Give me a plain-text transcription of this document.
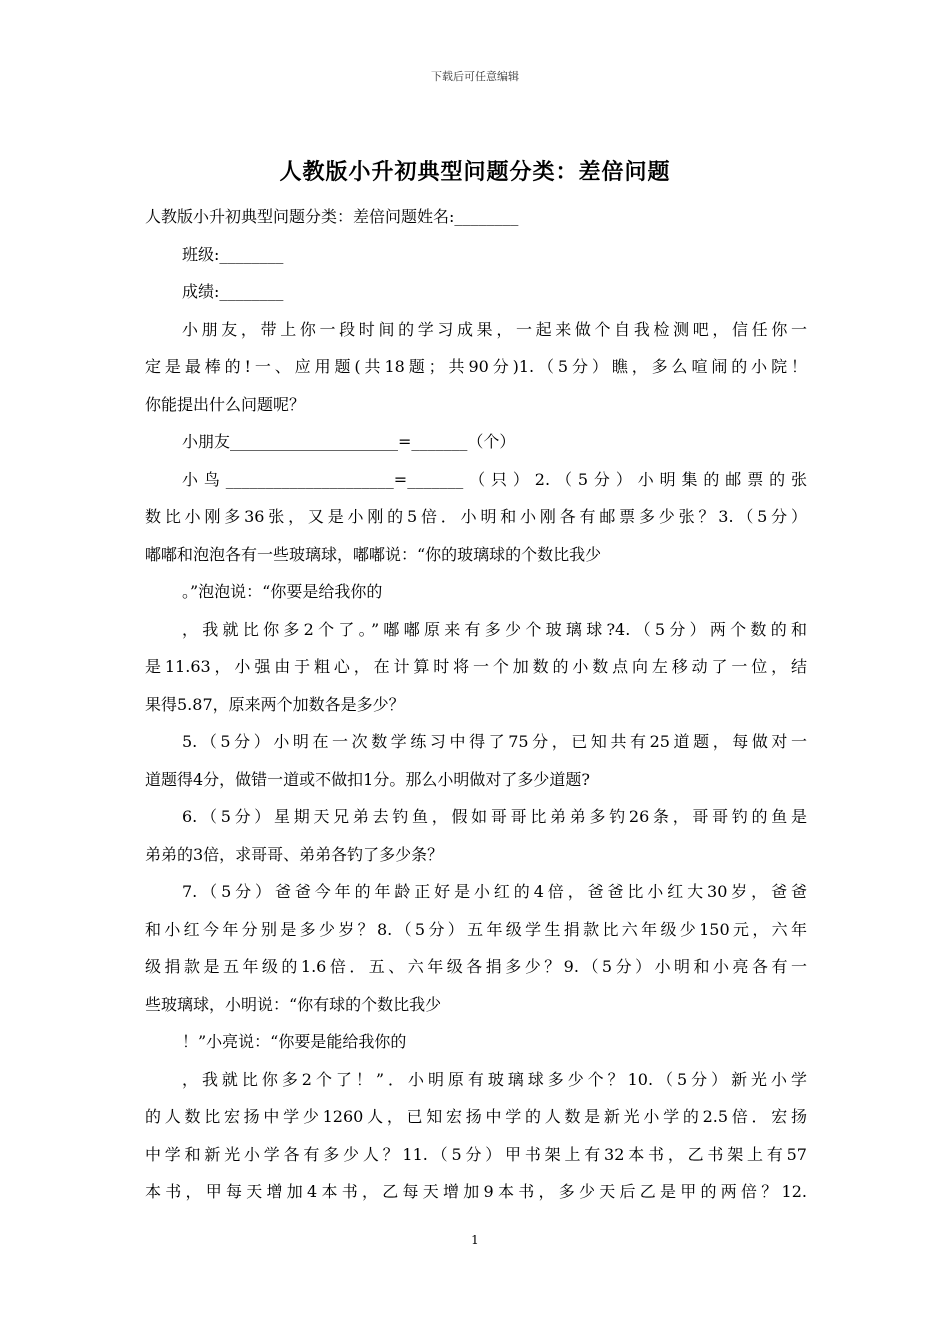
下载后可任意编辑
人教版小升初典型问题分类：差倍问题
人教版小升初典型问题分类：差倍问题姓名:________
班级:________
成绩:________
小朋友，带上你一段时间的学习成果，一起来做个自我检测吧，信任你一
定是最棒的!一、应用题(共18题；共90分)1.（5分）瞧，多么喧闹的小院！
你能提出什么问题呢？
小朋友_____________________=_______（个）
小鸟_____________________=_______（只）2.（5分）小明集的邮票的张
数比小刚多36张，又是小刚的5倍．小明和小刚各有邮票多少张？3.（5分）
嘟嘟和泡泡各有一些玻璃球，嘟嘟说：“你的玻璃球的个数比我少
。”泡泡说：“你要是给我你的
，我就比你多2个了。”嘟嘟原来有多少个玻璃球?4.（5分）两个数的和
是11.63，小强由于粗心，在计算时将一个加数的小数点向左移动了一位，结
果得5.87，原来两个加数各是多少？
5.（5分）小明在一次数学练习中得了75分，已知共有25道题，每做对一
道题得4分，做错一道或不做扣1分。那么小明做对了多少道题?
6.（5分）星期天兄弟去钓鱼，假如哥哥比弟弟多钓26条，哥哥钓的鱼是
弟弟的3倍，求哥哥、弟弟各钓了多少条？
7.（5分）爸爸今年的年龄正好是小红的4倍，爸爸比小红大30岁，爸爸
和小红今年分别是多少岁？8.（5分）五年级学生捐款比六年级少150元，六年
级捐款是五年级的1.6倍．五、六年级各捐多少？9.（5分）小明和小亮各有一
些玻璃球，小明说：“你有球的个数比我少
！”小亮说：“你要是能给我你的
，我就比你多2个了！”．小明原有玻璃球多少个？10.（5分）新光小学
的人数比宏扬中学少1260人，已知宏扬中学的人数是新光小学的2.5倍．宏扬
中学和新光小学各有多少人？11.（5分）甲书架上有32本书，乙书架上有57
本书，甲每天增加4本书，乙每天增加9本书，多少天后乙是甲的两倍？12.
1
